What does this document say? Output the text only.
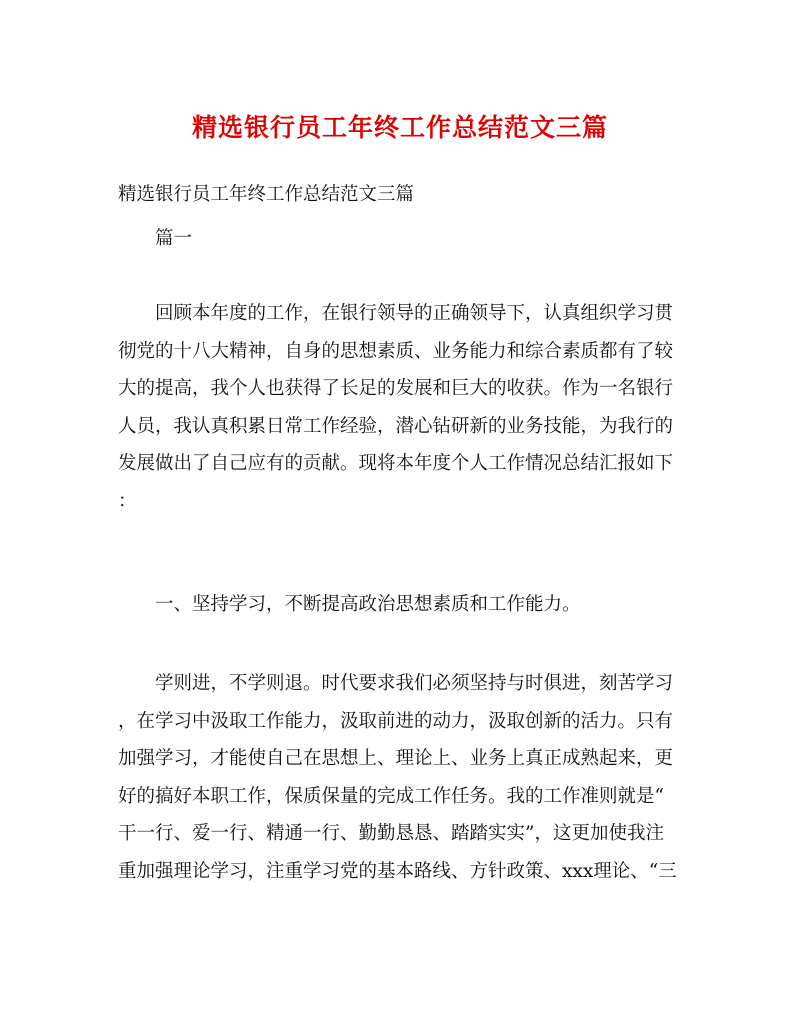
精选银行员工年终工作总结范文三篇
精选银行员工年终工作总结范文三篇
篇一
　　回顾本年度的工作，在银行领导的正确领导下，认真组织学习贯
彻党的十八大精神，自身的思想素质、业务能力和综合素质都有了较
大的提高，我个人也获得了长足的发展和巨大的收获。作为一名银行
人员，我认真积累日常工作经验，潜心钻研新的业务技能，为我行的
发展做出了自己应有的贡献。现将本年度个人工作情况总结汇报如下
：
　　一、坚持学习，不断提高政治思想素质和工作能力。
　　学则进，不学则退。时代要求我们必须坚持与时俱进，刻苦学习
，在学习中汲取工作能力，汲取前进的动力，汲取创新的活力。只有
加强学习，才能使自己在思想上、理论上、业务上真正成熟起来，更
好的搞好本职工作，保质保量的完成工作任务。我的工作准则就是“
干一行、爱一行、精通一行、勤勤恳恳、踏踏实实”，这更加使我注
重加强理论学习，注重学习党的基本路线、方针政策、xxx理论、“三
